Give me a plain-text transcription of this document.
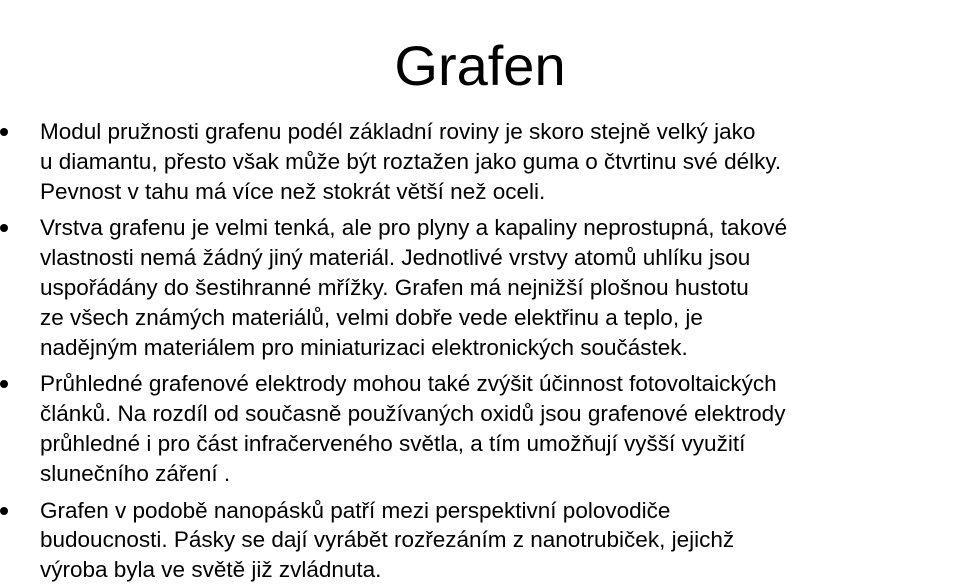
Grafen
Modul pružnosti grafenu podél základní roviny je skoro stejně velký jako
u diamantu, přesto však může být roztažen jako guma o čtvrtinu své délky.
Pevnost v tahu má více než stokrát větší než oceli.
Vrstva grafenu je velmi tenká, ale pro plyny a kapaliny neprostupná, takové
vlastnosti nemá žádný jiný materiál. Jednotlivé vrstvy atomů uhlíku jsou
uspořádány do šestihranné mřížky. Grafen má nejnižší plošnou hustotu
ze všech známých materiálů, velmi dobře vede elektřinu a teplo, je
nadějným materiálem pro miniaturizaci elektronických součástek.
Průhledné grafenové elektrody mohou také zvýšit účinnost fotovoltaických
článků. Na rozdíl od současně používaných oxidů jsou grafenové elektrody
průhledné i pro část infračerveného světla, a tím umožňují vyšší využití
slunečního záření .
Grafen v podobě nanopásků patří mezi perspektivní polovodiče
budoucnosti. Pásky se dají vyrábět rozřezáním z nanotrubiček, jejichž
výroba byla ve světě již zvládnuta.
